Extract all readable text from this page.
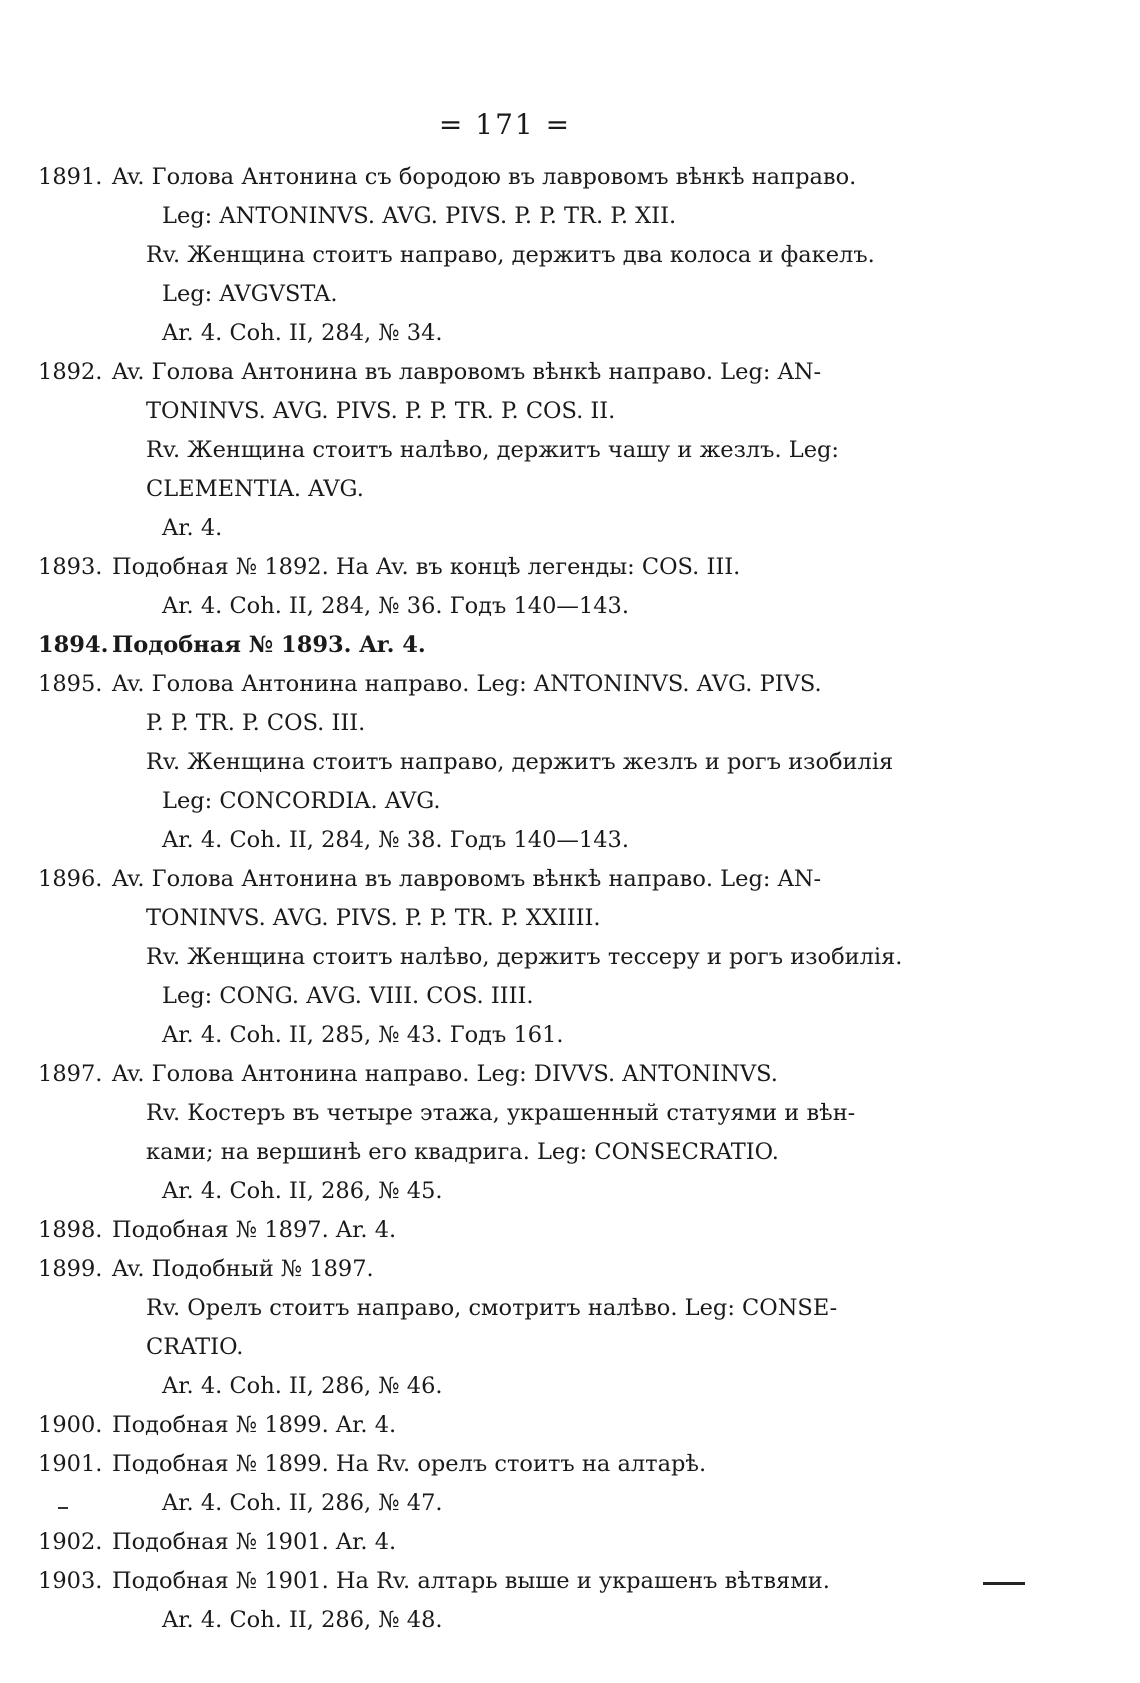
= 171 =
1891. Av. Голова Антонина съ бородою въ лавровомъ вѣнкѣ направо.
Leg: ANTONINVS. AVG. PIVS. P. P. TR. P. XII.
Rv. Женщина стоитъ направо, держитъ два колоса и факелъ.
Leg: AVGVSTA.
Ar. 4. Coh. II, 284, № 34.
1892. Av. Голова Антонина въ лавровомъ вѣнкѣ направо. Leg: AN-
TONINVS. AVG. PIVS. P. P. TR. P. COS. II.
Rv. Женщина стоитъ налѣво, держитъ чашу и жезлъ. Leg:
CLEMENTIA. AVG.
Ar. 4.
1893. Подобная № 1892. На Av. въ концѣ легенды: COS. III.
Ar. 4. Coh. II, 284, № 36. Годъ 140—143.
1894. Подобная № 1893. Ar. 4.
1895. Av. Голова Антонина направо. Leg: ANTONINVS. AVG. PIVS.
P. P. TR. P. COS. III.
Rv. Женщина стоитъ направо, держитъ жезлъ и рогъ изобилія
Leg: CONCORDIA. AVG.
Ar. 4. Coh. II, 284, № 38. Годъ 140—143.
1896. Av. Голова Антонина въ лавровомъ вѣнкѣ направо. Leg: AN-
TONINVS. AVG. PIVS. P. P. TR. P. XXIIII.
Rv. Женщина стоитъ налѣво, держитъ тессеру и рогъ изобилія.
Leg: CONG. AVG. VIII. COS. IIII.
Ar. 4. Coh. II, 285, № 43. Годъ 161.
1897. Av. Голова Антонина направо. Leg: DIVVS. ANTONINVS.
Rv. Костеръ въ четыре этажа, украшенный статуями и вѣн-
ками; на вершинѣ его квадрига. Leg: CONSECRATIO.
Ar. 4. Coh. II, 286, № 45.
1898. Подобная № 1897. Ar. 4.
1899. Av. Подобный № 1897.
Rv. Орелъ стоитъ направо, смотритъ налѣво. Leg: CONSE-
CRATIO.
Ar. 4. Coh. II, 286, № 46.
1900. Подобная № 1899. Ar. 4.
1901. Подобная № 1899. На Rv. орелъ стоитъ на алтарѣ.
Ar. 4. Coh. II, 286, № 47.
1902. Подобная № 1901. Ar. 4.
1903. Подобная № 1901. На Rv. алтарь выше и украшенъ вѣтвями.
Ar. 4. Coh. II, 286, № 48.
